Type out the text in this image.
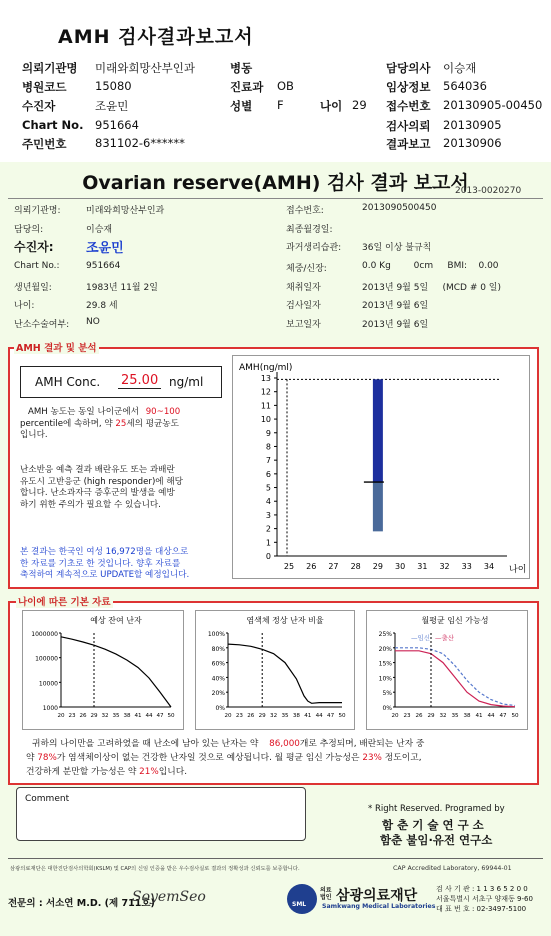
AMH 검사결과보고서
의뢰기관명 미래와희망산부인과	병동	담당의사 이승재
병원코드 15080	진료과 OB	임상정보 564036
수진자	조윤민	성별 F	나이 29 접수번호 20130905-00450
Chart No. 951664	검사의뢰 20130905
주민번호 831102-6******	결과보고 20130906
Ovarian reserve(AMH) 검사 결과 보고서
2013-0020270
의뢰기관명:	미래와희망산부인과
담당의:	이승재
수진자: 조윤민
Chart No.:	951664
생년월일:	1983년 11월 2일
나이:	29.8 세
난소수술여부: NO
접수번호:	2013090500450
최종월경일:
과거생리습관: 36일 이상 불규칙
체중/신장:	0.0 Kg        0cm     BMI:    0.00
채취일자	2013년 9월 5일     (MCD # 0 일)
검사일자	2013년 9월 6일
보고일자	2013년 9월 6일
AMH 결과 및 분석
AMH Conc. 25.00 ng/ml
AMH 농도는 동일 나이군에서 90~100
percentile에 속하며, 약 25세의 평균농도
입니다.
난소반응 예측 결과 배란유도 또는 과배란
유도시 고반응군 (high responder)에 해당
합니다. 난소과자극 증후군의 발생을 예방
하기 위한 주의가 필요할 수 있습니다.
본 결과는 한국인 여성 16,972명을 대상으로
한 자료를 기초로 한 것입니다. 향후 자료를
축적하여 계속적으로 UPDATE할 예정입니다.
AMH(ng/ml)
0
1
2
3
4
5
6
7
8
9
10
11
12
13
25 26 27 28 29 30 31 32 33 34 나이
나이에 따른 기본 자료
예상 잔여 난자
1000000
100000
10000
1000
20 23 26 29 32 35 38 41 44 47 50
염색체 정상 난자 비율
100%
80%
60%
40%
20%
0%
20 23 26 29 32 35 38 41 44 47 50
월평균 임신 가능성
25%
20%
15%
10%
5%
0%
20 23 26 29 32 35 38 41 44 47 50
—임신 —출산
귀하의 나이만을 고려하였을 때 난소에 남아 있는 난자는 약 86,000개로 추정되며, 배란되는 난자 중
약 78%가 염색체이상이 없는 건강한 난자일 것으로 예상됩니다. 월 평균 임신 가능성은 23% 정도이고,
건강하게 분만할 가능성은 약 21%입니다.
Comment
* Right Reserved. Programed by
함 춘 기 술 연 구 소
함춘 불임·유전 연구소
삼광의료재단은 대한진단검사의학회(KSLM) 및 CAP의 신임 인증을 받은 우수검사실로 결과의 정확성과 신뢰도를 보증합니다.	CAP Accredited Laboratory, 69944-01
전문의 : 서소연 M.D. (제 711호)
SoyemSeo	SML
의료
법인 삼광의료재단
Samkwang Medical Laboratories
검 사 기 관 : 1 1 3 6 5 2 0 0
서울특별시 서초구 양재동 9-60
대 표 번 호 : 02-3497-5100
